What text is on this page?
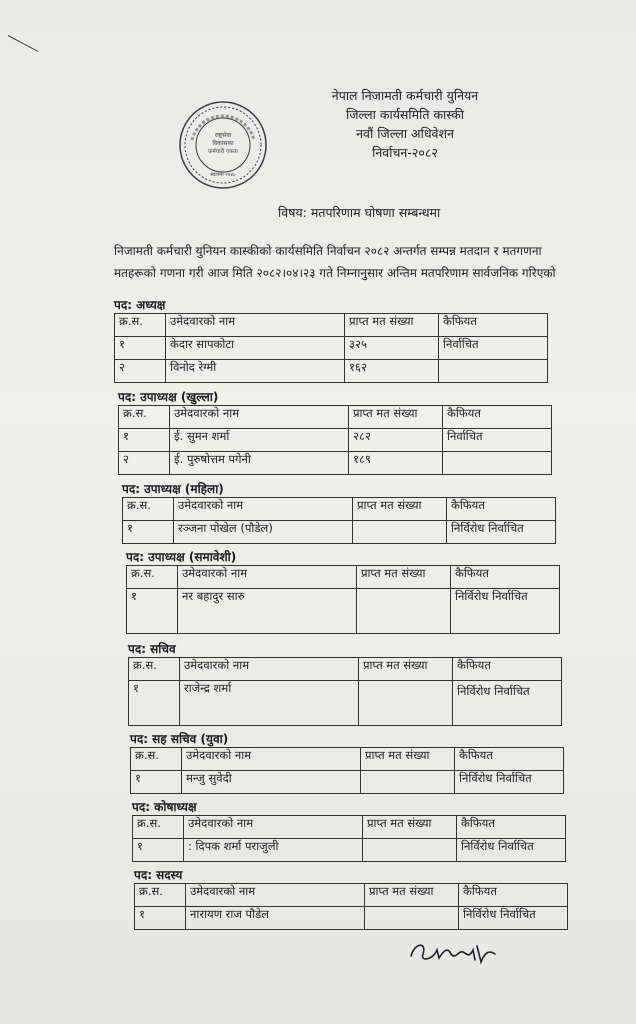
राष्ट्रसेवा
विकासका
कर्मचारी एकता
स्थापना २०४८
नेपाल निजामती कर्मचारी युनियन
जिल्ला कार्यसमिति कास्की
नवौं जिल्ला अधिवेशन
निर्वाचन-२०८२
विषय: मतपरिणाम घोषणा सम्बन्धमा
निजामती कर्मचारी युनियन कास्कीको कार्यसमिति निर्वाचन २०८२ अन्तर्गत सम्पन्न मतदान र मतगणना
मतहरूको गणना गरी आज मिति २०८२।०४।२३ गते निम्नानुसार अन्तिम मतपरिणाम सार्वजनिक गरिएको
पद: अध्यक्ष
क्र.स.	उमेदवारको नाम	प्राप्त मत संख्या	कैफियत
१	केदार सापकोटा	३२५	निर्वाचित
२	विनोद रेग्मी	१६२	
पद: उपाध्यक्ष (खुल्ला)
क्र.स.	उमेदवारको नाम	प्राप्त मत संख्या	कैफियत
१	ई. सुमन शर्मा	२८२	निर्वाचित
२	ई. पुरुषोत्तम पगेनी	१८९	
पद: उपाध्यक्ष (महिला)
क्र.स.	उमेदवारको नाम	प्राप्त मत संख्या	कैफियत
१	रञ्जना पोखेल (पौडेल)		निर्विरोध निर्वाचित
पद: उपाध्यक्ष (समावेशी)
क्र.स.	उमेदवारको नाम	प्राप्त मत संख्या	कैफियत
१	नर बहादुर सारु		निर्विरोध निर्वाचित
पद: सचिव
क्र.स.	उमेदवारको नाम	प्राप्त मत संख्या	कैफियत
१	राजेन्द्र शर्मा		निर्विरोध निर्वाचित
पद: सह सचिव (युवा)
क्र.स.	उमेदवारको नाम	प्राप्त मत संख्या	कैफियत
१	मन्जु सुवेदी		निर्विरोध निर्वाचित
पद: कोषाध्यक्ष
क्र.स.	उमेदवारको नाम	प्राप्त मत संख्या	कैफियत
१	: दिपक शर्मा पराजुली		निर्विरोध निर्वाचित
पद: सदस्य
क्र.स.	उमेदवारको नाम	प्राप्त मत संख्या	कैफियत
१	नारायण राज पौडेल		निर्विरोध निर्वाचित
